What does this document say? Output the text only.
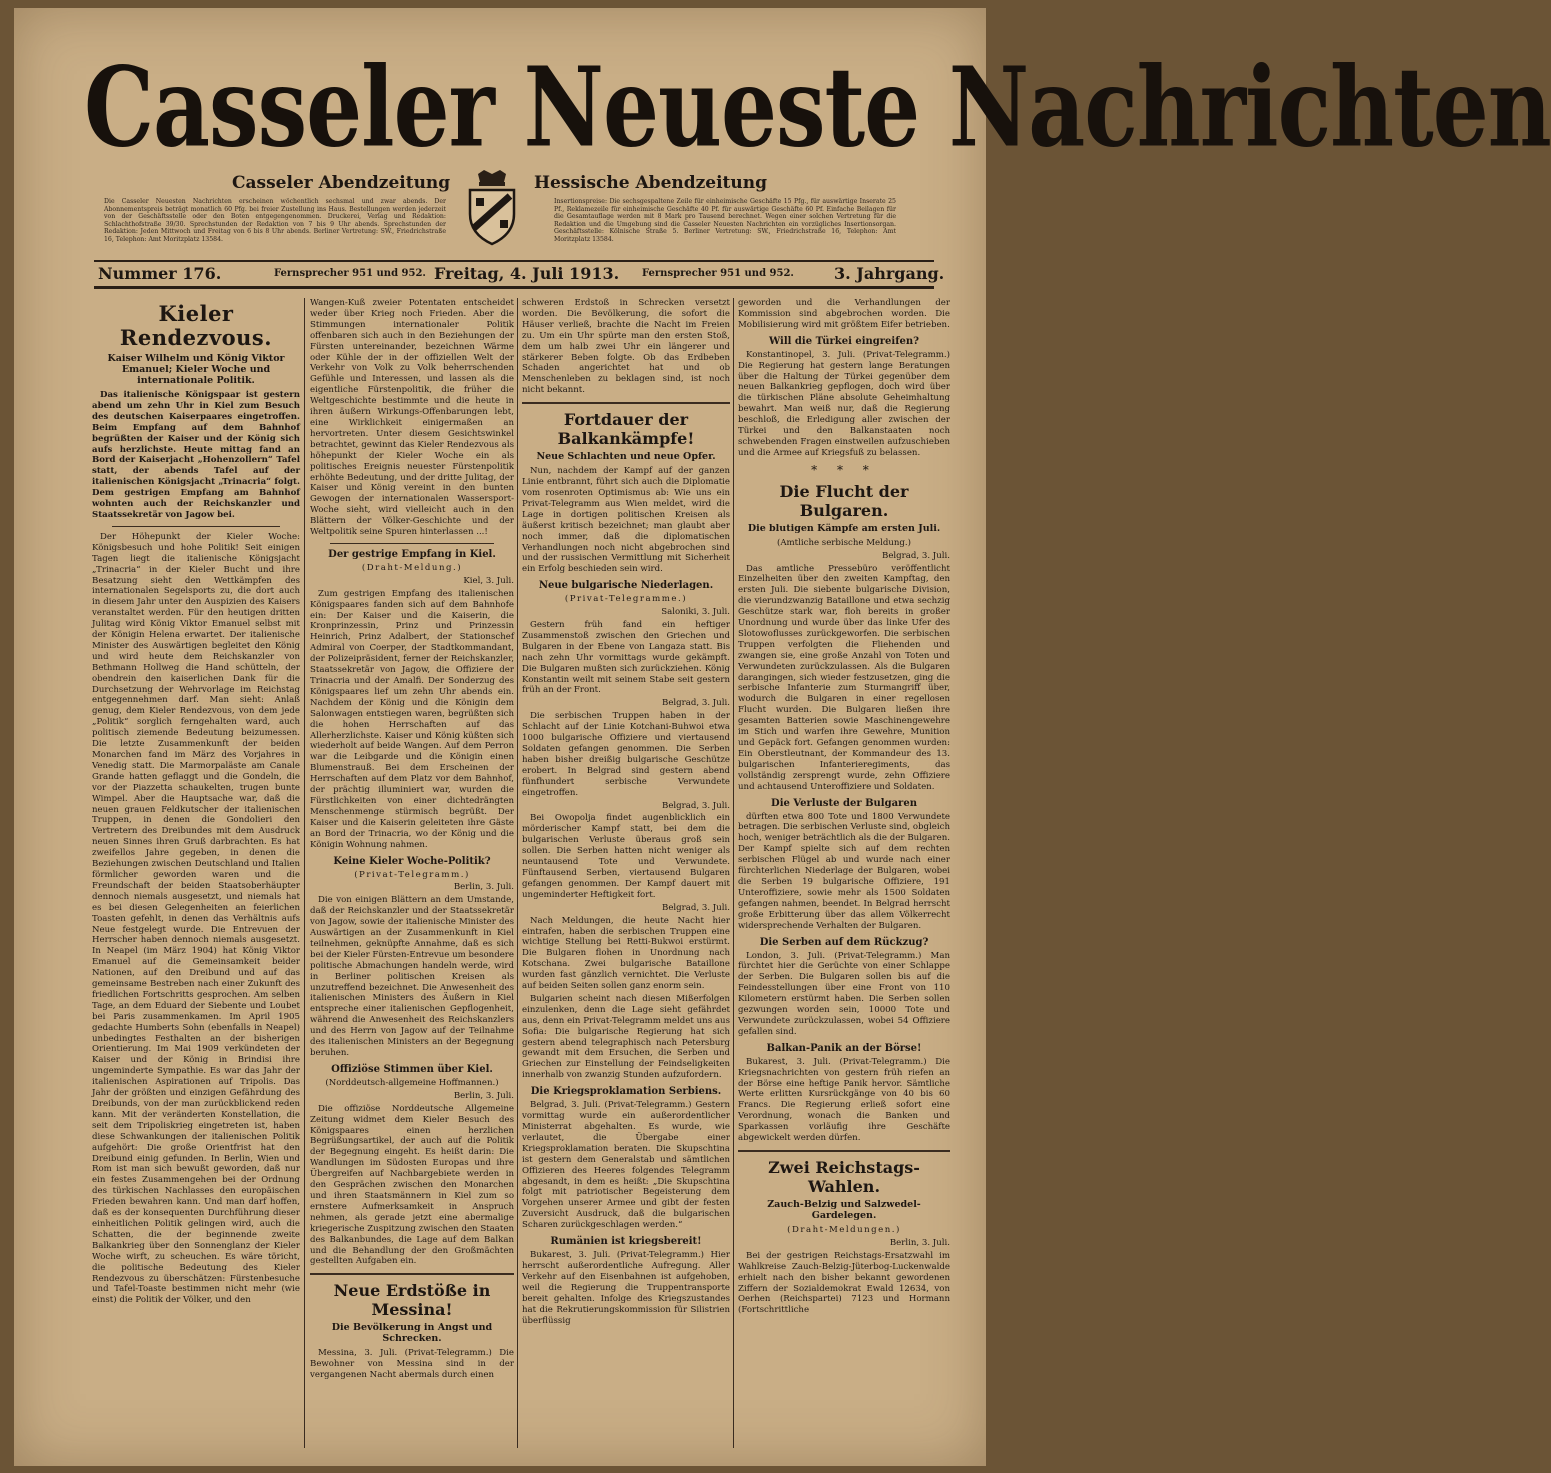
Casseler Neueste Nachrichten
Casseler Abendzeitung	Hessische Abendzeitung
Die Casseler Neuesten Nachrichten erscheinen wöchentlich sechsmal und zwar abends. Der Abonnementspreis beträgt monatlich 60 Pfg. bei freier Zustellung ins Haus. Bestellungen werden jederzeit von der Geschäftsstelle oder den Boten entgegengenommen. Druckerei, Verlag und Redaktion: Schlachthofstraße 39/30. Sprechstunden der Redaktion von 7 bis 9 Uhr abends. Sprechstunden der Redaktion: Jeden Mittwoch und Freitag von 6 bis 8 Uhr abends. Berliner Vertretung: SW., Friedrichstraße 16, Telephon: Amt Moritzplatz 13584.
Insertionspreise: Die sechsgespaltene Zeile für einheimische Geschäfte 15 Pfg., für auswärtige Inserate 25 Pf., Reklamezeile für einheimische Geschäfte 40 Pf. für auswärtige Geschäfte 60 Pf. Einfache Beilagen für die Gesamtauflage werden mit 8 Mark pro Tausend berechnet. Wegen einer solchen Vertretung für die Redaktion und die Umgebung sind die Casseler Neuesten Nachrichten ein vorzügliches Insertionsorgan. Geschäftsstelle: Kölnische Straße 5. Berliner Vertretung: SW., Friedrichstraße 16, Telephon: Amt Moritzplatz 13584.
Nummer 176.	Fernsprecher 951 und 952. Freitag, 4. Juli 1913. Fernsprecher 951 und 952.	3. Jahrgang.
Kieler Rendezvous.
Kaiser Wilhelm und König Viktor Emanuel; Kieler Woche und internationale Politik.

Das italienische Königspaar ist gestern abend um zehn Uhr in Kiel zum Besuch des deutschen Kaiserpaares eingetroffen. Beim Empfang auf dem Bahnhof begrüßten der Kaiser und der König sich aufs herzlichste. Heute mittag fand an Bord der Kaiserjacht „Hohenzollern“ Tafel statt, der abends Tafel auf der italienischen Königsjacht „Trinacria“ folgt. Dem gestrigen Empfang am Bahnhof wohnten auch der Reichskanzler und Staatssekretär von Jagow bei.

Der Höhepunkt der Kieler Woche: Königsbesuch und hohe Politik! Seit einigen Tagen liegt die italienische Königsjacht „Trinacria“ in der Kieler Bucht und ihre Besatzung sieht den Wettkämpfen des internationalen Segelsports zu, die dort auch in diesem Jahr unter den Auspizien des Kaisers veranstaltet werden. Für den heutigen dritten Julitag wird König Viktor Emanuel selbst mit der Königin Helena erwartet. Der italienische Minister des Auswärtigen begleitet den König und wird heute dem Reichskanzler von Bethmann Hollweg die Hand schütteln, der obendrein den kaiserlichen Dank für die Durchsetzung der Wehrvorlage im Reichstag entgegennehmen darf. Man sieht: Anlaß genug, dem Kieler Rendezvous, von dem jede „Politik“ sorglich ferngehalten ward, auch politisch ziemende Bedeutung beizumessen. Die letzte Zusammenkunft der beiden Monarchen fand im März des Vorjahres in Venedig statt. Die Marmorpaläste am Canale Grande hatten geflaggt und die Gondeln, die vor der Piazzetta schaukelten, trugen bunte Wimpel. Aber die Hauptsache war, daß die neuen grauen Feldkutscher der italienischen Truppen, in denen die Gondolieri den Vertretern des Dreibundes mit dem Ausdruck neuen Sinnes ihren Gruß darbrachten. Es hat zweifellos Jahre gegeben, in denen die Beziehungen zwischen Deutschland und Italien förmlicher geworden waren und die Freundschaft der beiden Staatsoberhäupter dennoch niemals ausgesetzt, und niemals hat es bei diesen Gelegenheiten an feierlichen Toasten gefehlt, in denen das Verhältnis aufs Neue festgelegt wurde. Die Entrevuen der Herrscher haben dennoch niemals ausgesetzt. In Neapel (im März 1904) hat König Viktor Emanuel auf die Gemeinsamkeit beider Nationen, auf den Dreibund und auf das gemeinsame Bestreben nach einer Zukunft des friedlichen Fortschritts gesprochen. Am selben Tage, an dem Eduard der Siebente und Loubet bei Paris zusammenkamen. Im April 1905 gedachte Humberts Sohn (ebenfalls in Neapel) unbedingtes Festhalten an der bisherigen Orientierung. Im Mai 1909 verkündeten der Kaiser und der König in Brindisi ihre ungeminderte Sympathie. Es war das Jahr der italienischen Aspirationen auf Tripolis. Das Jahr der größten und einzigen Gefährdung des Dreibunds, von der man zurückblickend reden kann. Mit der veränderten Konstellation, die seit dem Tripoliskrieg eingetreten ist, haben diese Schwankungen der italienischen Politik aufgehört: Die große Orientfrist hat den Dreibund einig gefunden. In Berlin, Wien und Rom ist man sich bewußt geworden, daß nur ein festes Zusammengehen bei der Ordnung des türkischen Nachlasses den europäischen Frieden bewahren kann. Und man darf hoffen, daß es der konsequenten Durchführung dieser einheitlichen Politik gelingen wird, auch die Schatten, die der beginnende zweite Balkankrieg über den Sonnenglanz der Kieler Woche wirft, zu scheuchen. Es wäre töricht, die politische Bedeutung des Kieler Rendezvous zu überschätzen: Fürstenbesuche und Tafel-Toaste bestimmen nicht mehr (wie einst) die Politik der Völker, und den

Wangen-Kuß zweier Potentaten entscheidet weder über Krieg noch Frieden. Aber die Stimmungen internationaler Politik offenbaren sich auch in den Beziehungen der Fürsten untereinander, bezeichnen Wärme oder Kühle der in der offiziellen Welt der Verkehr von Volk zu Volk beherrschenden Gefühle und Interessen, und lassen als die eigentliche Fürstenpolitik, die früher die Weltgeschichte bestimmte und die heute in ihren äußern Wirkungs-Offenbarungen lebt, eine Wirklichkeit einigermaßen an hervortreten. Unter diesem Gesichtswinkel betrachtet, gewinnt das Kieler Rendezvous als höhepunkt der Kieler Woche ein als politisches Ereignis neuester Fürstenpolitik erhöhte Bedeutung, und der dritte Julitag, der Kaiser und König vereint in den bunten Gewogen der internationalen Wassersport-Woche sieht, wird vielleicht auch in den Blättern der Völker-Geschichte und der Weltpolitik seine Spuren hinterlassen ...!

Der gestrige Empfang in Kiel.
(Draht-Meldung.)
Kiel, 3. Juli.

Zum gestrigen Empfang des italienischen Königspaares fanden sich auf dem Bahnhofe ein: Der Kaiser und die Kaiserin, die Kronprinzessin, Prinz und Prinzessin Heinrich, Prinz Adalbert, der Stationschef Admiral von Coerper, der Stadtkommandant, der Polizeipräsident, ferner der Reichskanzler, Staatssekretär von Jagow, die Offiziere der Trinacria und der Amalfi. Der Sonderzug des Königspaares lief um zehn Uhr abends ein. Nachdem der König und die Königin dem Salonwagen entstiegen waren, begrüßten sich die hohen Herrschaften auf das Allerherzlichste. Kaiser und König küßten sich wiederholt auf beide Wangen. Auf dem Perron war die Leibgarde und die Königin einen Blumenstrauß. Bei dem Erscheinen der Herrschaften auf dem Platz vor dem Bahnhof, der prächtig illuminiert war, wurden die Fürstlichkeiten von einer dichtedrängten Menschenmenge stürmisch begrüßt. Der Kaiser und die Kaiserin geleiteten ihre Gäste an Bord der Trinacria, wo der König und die Königin Wohnung nahmen.

Keine Kieler Woche-Politik?
(Privat-Telegramm.)
Berlin, 3. Juli.

Die von einigen Blättern an dem Umstande, daß der Reichskanzler und der Staatssekretär von Jagow, sowie der italienische Minister des Auswärtigen an der Zusammenkunft in Kiel teilnehmen, geknüpfte Annahme, daß es sich bei der Kieler Fürsten-Entrevue um besondere politische Abmachungen handeln werde, wird in Berliner politischen Kreisen als unzutreffend bezeichnet. Die Anwesenheit des italienischen Ministers des Äußern in Kiel entspreche einer italienischen Gepflogenheit, während die Anwesenheit des Reichskanzlers und des Herrn von Jagow auf der Teilnahme des italienischen Ministers an der Begegnung beruhen.

Offiziöse Stimmen über Kiel.
(Norddeutsch-allgemeine Hoffmannen.)
Berlin, 3. Juli.

Die offiziöse Norddeutsche Allgemeine Zeitung widmet dem Kieler Besuch des Königspaares einen herzlichen Begrüßungsartikel, der auch auf die Politik der Begegnung eingeht. Es heißt darin: Die Wandlungen im Südosten Europas und ihre Übergreifen auf Nachbargebiete werden in den Gesprächen zwischen den Monarchen und ihren Staatsmännern in Kiel zum so ernstere Aufmerksamkeit in Anspruch nehmen, als gerade jetzt eine abermalige kriegerische Zuspitzung zwischen den Staaten des Balkanbundes, die Lage auf dem Balkan und die Behandlung der den Großmächten gestellten Aufgaben ein.

Neue Erdstöße in Messina!
Die Bevölkerung in Angst und Schrecken.

Messina, 3. Juli. (Privat-Telegramm.) Die Bewohner von Messina sind in der vergangenen Nacht abermals durch einen

schweren Erdstoß in Schrecken versetzt worden. Die Bevölkerung, die sofort die Häuser verließ, brachte die Nacht im Freien zu. Um ein Uhr spürte man den ersten Stoß, dem um halb zwei Uhr ein längerer und stärkerer Beben folgte. Ob das Erdbeben Schaden angerichtet hat und ob Menschenleben zu beklagen sind, ist noch nicht bekannt.

Fortdauer der Balkankämpfe!
Neue Schlachten und neue Opfer.

Nun, nachdem der Kampf auf der ganzen Linie entbrannt, führt sich auch die Diplomatie vom rosenroten Optimismus ab: Wie uns ein Privat-Telegramm aus Wien meldet, wird die Lage in dortigen politischen Kreisen als äußerst kritisch bezeichnet; man glaubt aber noch immer, daß die diplomatischen Verhandlungen noch nicht abgebrochen sind und der russischen Vermittlung mit Sicherheit ein Erfolg beschieden sein wird.

Neue bulgarische Niederlagen.
(Privat-Telegramme.)
Saloniki, 3. Juli.

Gestern früh fand ein heftiger Zusammenstoß zwischen den Griechen und Bulgaren in der Ebene von Langaza statt. Bis nach zehn Uhr vormittags wurde gekämpft. Die Bulgaren mußten sich zurückziehen. König Konstantin weilt mit seinem Stabe seit gestern früh an der Front.

Belgrad, 3. Juli.

Die serbischen Truppen haben in der Schlacht auf der Linie Kotchani-Buhwoi etwa 1000 bulgarische Offiziere und viertausend Soldaten gefangen genommen. Die Serben haben bisher dreißig bulgarische Geschütze erobert. In Belgrad sind gestern abend fünfhundert serbische Verwundete eingetroffen.

Belgrad, 3. Juli.

Bei Owopolja findet augenblicklich ein mörderischer Kampf statt, bei dem die bulgarischen Verluste überaus groß sein sollen. Die Serben hatten nicht weniger als neuntausend Tote und Verwundete. Fünftausend Serben, viertausend Bulgaren gefangen genommen. Der Kampf dauert mit ungeminderter Heftigkeit fort.

Belgrad, 3. Juli.

Nach Meldungen, die heute Nacht hier eintrafen, haben die serbischen Truppen eine wichtige Stellung bei Retti-Bukwoi erstürmt. Die Bulgaren flohen in Unordnung nach Kotschana. Zwei bulgarische Bataillone wurden fast gänzlich vernichtet. Die Verluste auf beiden Seiten sollen ganz enorm sein.

Bulgarien scheint nach diesen Mißerfolgen einzulenken, denn die Lage sieht gefährdet aus, denn ein Privat-Telegramm meldet uns aus Sofia: Die bulgarische Regierung hat sich gestern abend telegraphisch nach Petersburg gewandt mit dem Ersuchen, die Serben und Griechen zur Einstellung der Feindseligkeiten innerhalb von zwanzig Stunden aufzufordern.

Die Kriegsproklamation Serbiens.

Belgrad, 3. Juli. (Privat-Telegramm.) Gestern vormittag wurde ein außerordentlicher Ministerrat abgehalten. Es wurde, wie verlautet, die Übergabe einer Kriegsproklamation beraten. Die Skupschtina ist gestern dem Generalstab und sämtlichen Offizieren des Heeres folgendes Telegramm abgesandt, in dem es heißt: „Die Skupschtina folgt mit patriotischer Begeisterung dem Vorgehen unserer Armee und gibt der festen Zuversicht Ausdruck, daß die bulgarischen Scharen zurückgeschlagen werden.“

Rumänien ist kriegsbereit!

Bukarest, 3. Juli. (Privat-Telegramm.) Hier herrscht außerordentliche Aufregung. Aller Verkehr auf den Eisenbahnen ist aufgehoben, weil die Regierung die Truppentransporte bereit gehalten. Infolge des Kriegszustandes hat die Rekrutierungskommission für Silistrien überflüssig

geworden und die Verhandlungen der Kommission sind abgebrochen worden. Die Mobilisierung wird mit größtem Eifer betrieben.

Will die Türkei eingreifen?

Konstantinopel, 3. Juli. (Privat-Telegramm.) Die Regierung hat gestern lange Beratungen über die Haltung der Türkei gegenüber dem neuen Balkankrieg gepflogen, doch wird über die türkischen Pläne absolute Geheimhaltung bewahrt. Man weiß nur, daß die Regierung beschloß, die Erledigung aller zwischen der Türkei und den Balkanstaaten noch schwebenden Fragen einstweilen aufzuschieben und die Armee auf Kriegsfuß zu belassen.

* * *
Die Flucht der Bulgaren.
Die blutigen Kämpfe am ersten Juli.
(Amtliche serbische Meldung.)
Belgrad, 3. Juli.

Das amtliche Pressebüro veröffentlicht Einzelheiten über den zweiten Kampftag, den ersten Juli. Die siebente bulgarische Division, die vierundzwanzig Bataillone und etwa sechzig Geschütze stark war, floh bereits in großer Unordnung und wurde über das linke Ufer des Slotowoflusses zurückgeworfen. Die serbischen Truppen verfolgten die Fliehenden und zwangen sie, eine große Anzahl von Toten und Verwundeten zurückzulassen. Als die Bulgaren darangingen, sich wieder festzusetzen, ging die serbische Infanterie zum Sturmangriff über, wodurch die Bulgaren in einer regellosen Flucht wurden. Die Bulgaren ließen ihre gesamten Batterien sowie Maschinengewehre im Stich und warfen ihre Gewehre, Munition und Gepäck fort. Gefangen genommen wurden: Ein Oberstleutnant, der Kommandeur des 13. bulgarischen Infanterieregiments, das vollständig zersprengt wurde, zehn Offiziere und achtausend Unteroffiziere und Soldaten.

Die Verluste der Bulgaren

dürften etwa 800 Tote und 1800 Verwundete betragen. Die serbischen Verluste sind, obgleich hoch, weniger beträchtlich als die der Bulgaren. Der Kampf spielte sich auf dem rechten serbischen Flügel ab und wurde nach einer fürchterlichen Niederlage der Bulgaren, wobei die Serben 19 bulgarische Offiziere, 191 Unteroffiziere, sowie mehr als 1500 Soldaten gefangen nahmen, beendet. In Belgrad herrscht große Erbitterung über das allem Völkerrecht widersprechende Verhalten der Bulgaren.

Die Serben auf dem Rückzug?

London, 3. Juli. (Privat-Telegramm.) Man fürchtet hier die Gerüchte von einer Schlappe der Serben. Die Bulgaren sollen bis auf die Feindesstellungen über eine Front von 110 Kilometern erstürmt haben. Die Serben sollen gezwungen worden sein, 10000 Tote und Verwundete zurückzulassen, wobei 54 Offiziere gefallen sind.

Balkan-Panik an der Börse!

Bukarest, 3. Juli. (Privat-Telegramm.) Die Kriegsnachrichten von gestern früh riefen an der Börse eine heftige Panik hervor. Sämtliche Werte erlitten Kursrückgänge von 40 bis 60 Francs. Die Regierung erließ sofort eine Verordnung, wonach die Banken und Sparkassen vorläufig ihre Geschäfte abgewickelt werden dürfen.

Zwei Reichstags-Wahlen.
Zauch-Belzig und Salzwedel-Gardelegen.
(Draht-Meldungen.)
Berlin, 3. Juli.

Bei der gestrigen Reichstags-Ersatzwahl im Wahlkreise Zauch-Belzig-Jüterbog-Luckenwalde erhielt nach den bisher bekannt gewordenen Ziffern der Sozialdemokrat Ewald 12634, von Oerhen (Reichspartei) 7123 und Hormann (Fortschrittliche
